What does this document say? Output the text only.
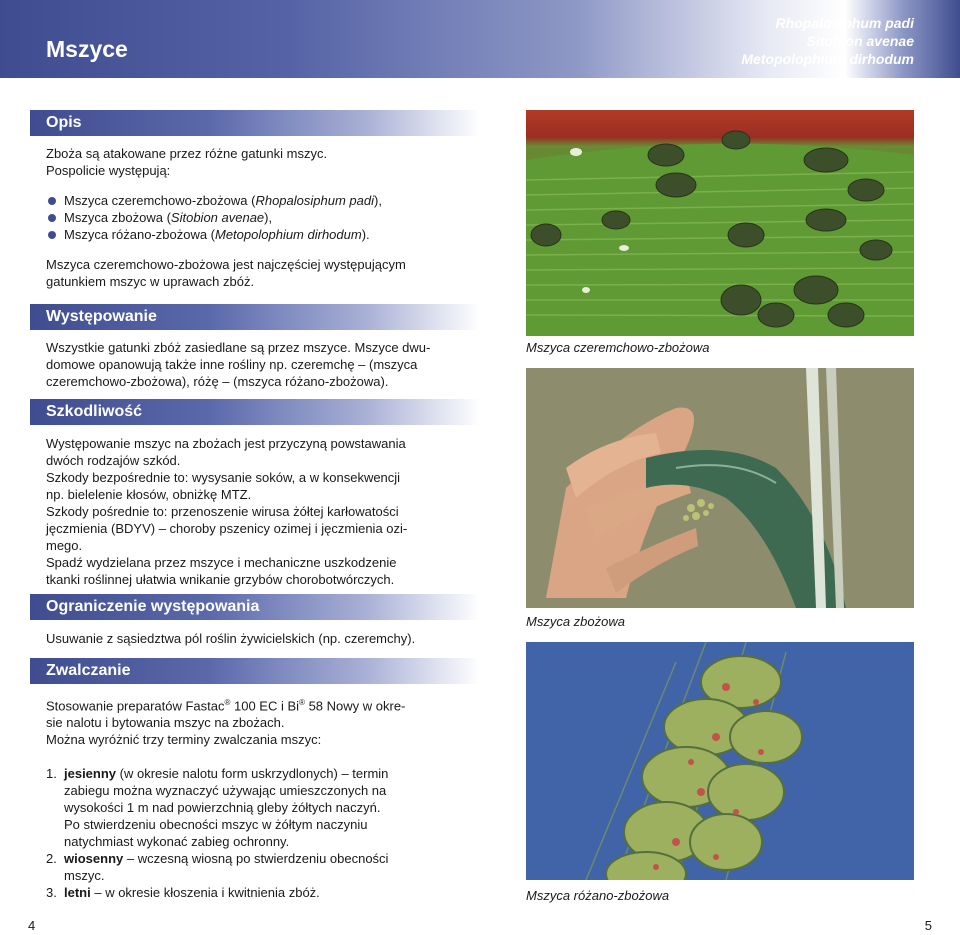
Mszyce
Rhopalosiphum padi
Sitobion avenae
Metopolophium dirhodum
Opis

Zboża są atakowane przez różne gatunki mszyc.

Pospolicie występują:

Mszyca czeremchowo-zbożowa (Rhopalosiphum padi),
Mszyca zbożowa (Sitobion avenae),
Mszyca różano-zbożowa (Metopolophium dirhodum).

Mszyca czeremchowo-zbożowa jest najczęściej występującym

gatunkiem mszyc w uprawach zbóż.

Występowanie

Wszystkie gatunki zbóż zasiedlane są przez mszyce. Mszyce dwu-

domowe opanowują także inne rośliny np. czeremchę – (mszyca

czeremchowo-zbożowa), różę – (mszyca różano-zbożowa).

Szkodliwość

Występowanie mszyc na zbożach jest przyczyną powstawania

dwóch rodzajów szkód.

Szkody bezpośrednie to: wysysanie soków, a w konsekwencji

np. bielelenie kłosów, obniżkę MTZ.

Szkody pośrednie to: przenoszenie wirusa żółtej karłowatości

jęczmienia (BDYV) – choroby pszenicy ozimej i jęczmienia ozi-

mego.

Spadź wydzielana przez mszyce i mechaniczne uszkodzenie

tkanki roślinnej ułatwia wnikanie grzybów chorobotwórczych.

Ograniczenie występowania

Usuwanie z sąsiedztwa pól roślin żywicielskich (np. czeremchy).

Zwalczanie

Stosowanie preparatów Fastac® 100 EC i Bi® 58 Nowy w okre-

sie nalotu i bytowania mszyc na zbożach.

Można wyróżnić trzy terminy zwalczania mszyc:

1. jesienny (w okresie nalotu form uskrzydlonych) – termin
zabiegu można wyznaczyć używając umieszczonych na
wysokości 1 m nad powierzchnią gleby żółtych naczyń.
Po stwierdzeniu obecności mszyc w żółtym naczyniu
natychmiast wykonać zabieg ochronny.
2. wiosenny – wczesną wiosną po stwierdzeniu obecności
mszyc.
3. letni – w okresie kłoszenia i kwitnienia zbóż.
Mszyca czeremchowo-zbożowa
Mszyca zbożowa
Mszyca różano-zbożowa
4	5
